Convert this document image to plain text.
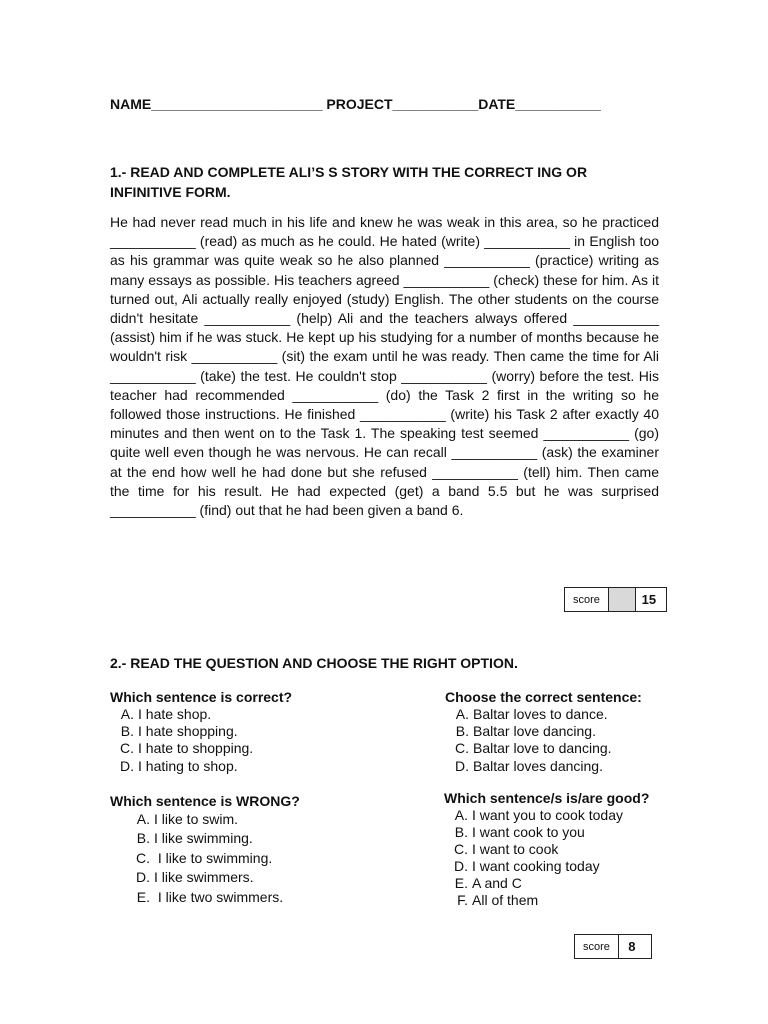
NAME______________________ PROJECT___________DATE___________
1.- READ AND COMPLETE ALI’S S STORY WITH THE CORRECT ING OR INFINITIVE FORM.
He had never read much in his life and knew he was weak in this area, so he practiced ___________ (read) as much as he could. He hated (write) ___________ in English too as his grammar was quite weak so he also planned ___________ (practice) writing as many essays as possible. His teachers agreed ___________ (check) these for him. As it turned out, Ali actually really enjoyed (study) English. The other students on the course didn't hesitate ___________ (help) Ali and the teachers always offered ___________ (assist) him if he was stuck. He kept up his studying for a number of months because he wouldn't risk ___________ (sit) the exam until he was ready. Then came the time for Ali ___________ (take) the test. He couldn't stop ___________ (worry) before the test. His teacher had recommended ___________ (do) the Task 2 first in the writing so he followed those instructions. He finished ___________ (write) his Task 2 after exactly 40 minutes and then went on to the Task 1. The speaking test seemed ___________ (go) quite well even though he was nervous. He can recall ___________ (ask) the examiner at the end how well he had done but she refused ___________ (tell) him. Then came the time for his result. He had expected (get) a band 5.5 but he was surprised ___________ (find) out that he had been given a band 6.
score	15
2.- READ THE QUESTION AND CHOOSE THE RIGHT OPTION.
Which sentence is correct?
A. I hate shop.
B. I hate shopping.
C. I hate to shopping.
D. I hating to shop.
Choose the correct sentence:
A. Baltar loves to dance.
B. Baltar love dancing.
C. Baltar love to dancing.
D. Baltar loves dancing.
Which sentence is WRONG?
A. I like to swim.
B. I like swimming.
C. I like to swimming.
D. I like swimmers.
E. I like two swimmers.
Which sentence/s is/are good?
A. I want you to cook today
B. I want cook to you
C. I want to cook
D. I want cooking today
E. A and C
F. All of them
score	8
